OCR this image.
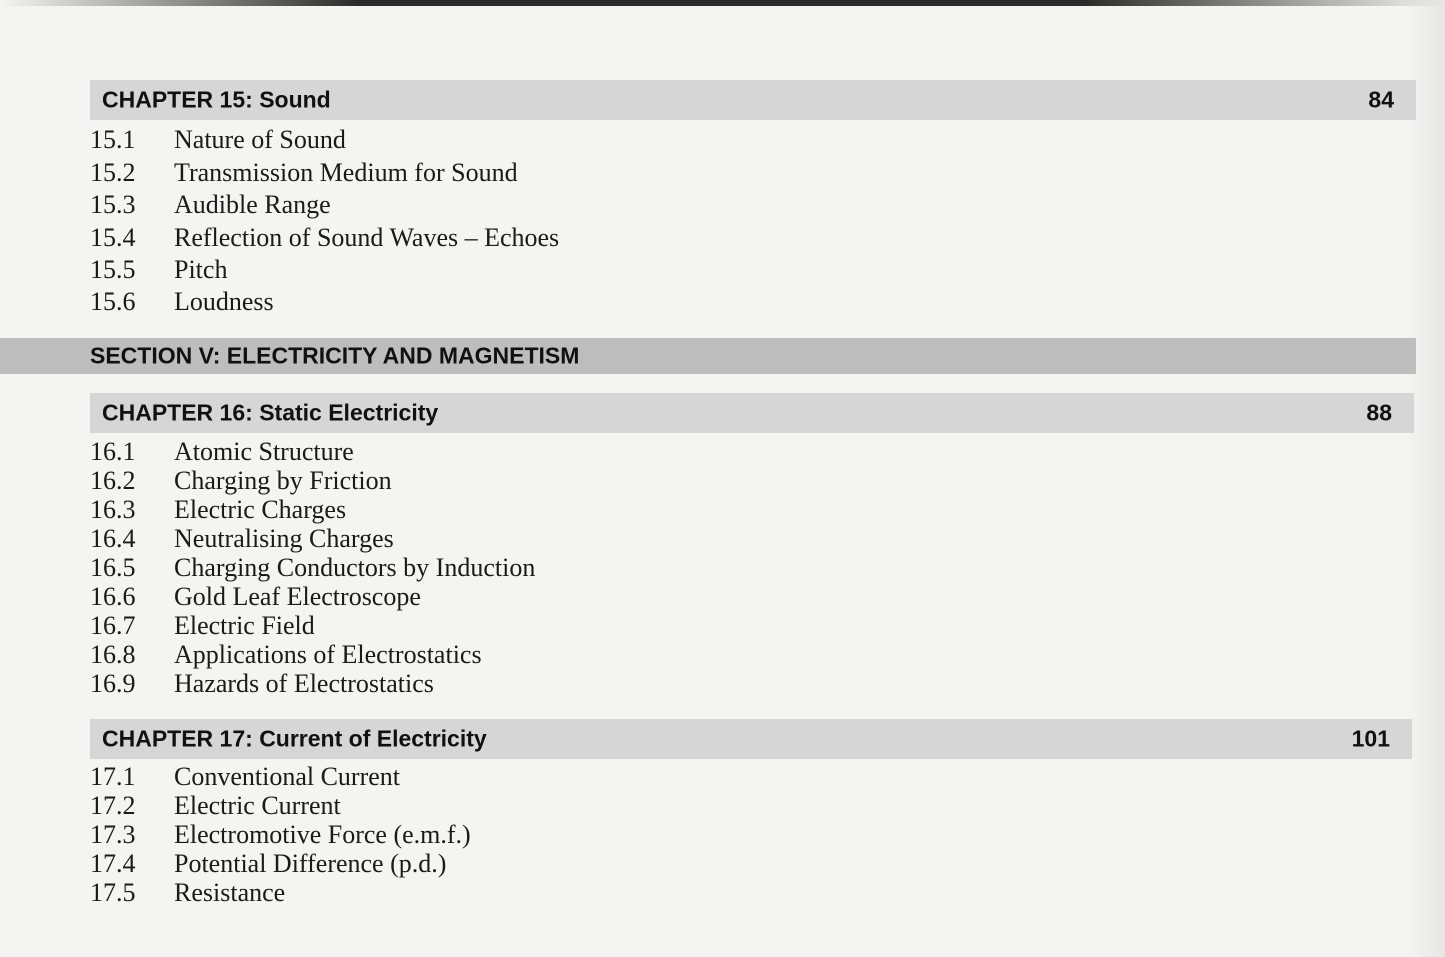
CHAPTER 15: Sound	84
15.1 Nature of Sound
15.2 Transmission Medium for Sound
15.3 Audible Range
15.4 Reflection of Sound Waves – Echoes
15.5 Pitch
15.6 Loudness
SECTION V: ELECTRICITY AND MAGNETISM
CHAPTER 16: Static Electricity	88
16.1 Atomic Structure
16.2 Charging by Friction
16.3 Electric Charges
16.4 Neutralising Charges
16.5 Charging Conductors by Induction
16.6 Gold Leaf Electroscope
16.7 Electric Field
16.8 Applications of Electrostatics
16.9 Hazards of Electrostatics
CHAPTER 17: Current of Electricity	101
17.1 Conventional Current
17.2 Electric Current
17.3 Electromotive Force (e.m.f.)
17.4 Potential Difference (p.d.)
17.5 Resistance
